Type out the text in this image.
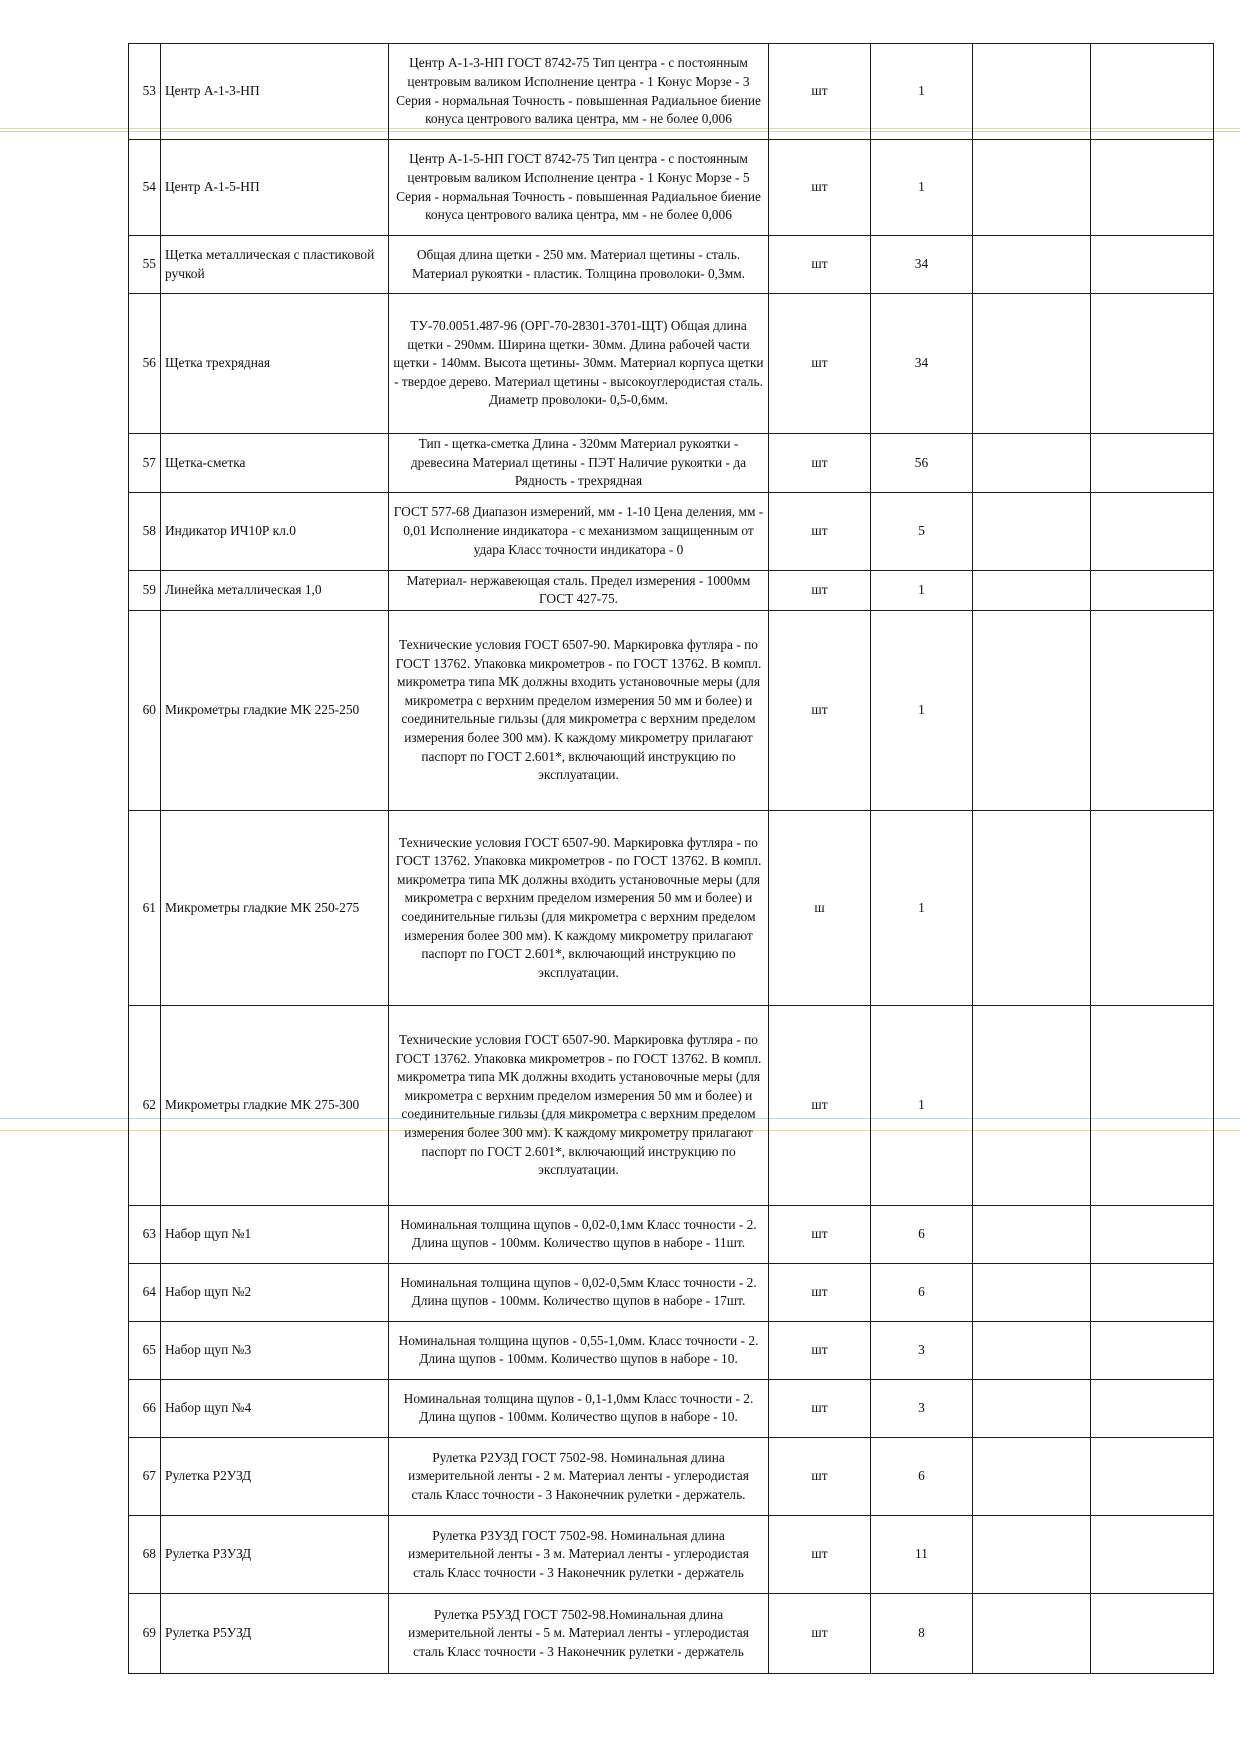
53	Центр А-1-3-НП	Центр А-1-3-НП ГОСТ 8742-75 Тип центра - с постоянным центровым валиком Исполнение центра - 1 Конус Морзе - 3 Серия - нормальная Точность - повышенная Радиальное биение конуса центрового валика центра, мм - не более 0,006	шт	1		
54	Центр А-1-5-НП	Центр А-1-5-НП ГОСТ 8742-75 Тип центра - с постоянным центровым валиком Исполнение центра - 1 Конус Морзе - 5 Серия - нормальная Точность - повышенная Радиальное биение конуса центрового валика центра, мм - не более 0,006	шт	1		
55	Щетка металлическая с пластиковой ручкой	Общая длина щетки - 250 мм. Материал щетины - сталь. Материал рукоятки - пластик. Толщина проволоки- 0,3мм.	шт	34		
56	Щетка трехрядная	ТУ-70.0051.487-96 (ОРГ-70-28301-3701-ЩТ) Общая длина щетки - 290мм. Ширина щетки- 30мм. Длина рабочей части щетки - 140мм. Высота щетины- 30мм. Материал корпуса щетки - твердое дерево. Материал щетины - высокоуглеродистая сталь. Диаметр проволоки- 0,5-0,6мм.	шт	34		
57	Щетка-сметка	Тип - щетка-сметка Длина - 320мм Материал рукоятки - древесина Материал щетины - ПЭТ Наличие рукоятки - да Рядность - трехрядная	шт	56		
58	Индикатор ИЧ10Р кл.0	ГОСТ 577-68 Диапазон измерений, мм - 1-10 Цена деления, мм - 0,01 Исполнение индикатора - с механизмом защищенным от удара Класс точности индикатора - 0	шт	5		
59	Линейка металлическая 1,0	Материал- нержавеющая сталь. Предел измерения - 1000мм ГОСТ 427-75.	шт	1		
60	Микрометры гладкие МК 225-250	Технические условия ГОСТ 6507-90. Маркировка футляра - по ГОСТ 13762. Упаковка микрометров - по ГОСТ 13762. В компл. микрометра типа МК должны входить установочные меры (для микрометра с верхним пределом измерения 50 мм и более) и соединительные гильзы (для микрометра с верхним пределом измерения более 300 мм). К каждому микрометру прилагают паспорт по ГОСТ 2.601*, включающий инструкцию по эксплуатации.	шт	1		
61	Микрометры гладкие МК 250-275	Технические условия ГОСТ 6507-90. Маркировка футляра - по ГОСТ 13762. Упаковка микрометров - по ГОСТ 13762. В компл. микрометра типа МК должны входить установочные меры (для микрометра с верхним пределом измерения 50 мм и более) и соединительные гильзы (для микрометра с верхним пределом измерения более 300 мм). К каждому микрометру прилагают паспорт по ГОСТ 2.601*, включающий инструкцию по эксплуатации.	ш	1		
62	Микрометры гладкие МК 275-300	Технические условия ГОСТ 6507-90. Маркировка футляра - по ГОСТ 13762. Упаковка микрометров - по ГОСТ 13762. В компл. микрометра типа МК должны входить установочные меры (для микрометра с верхним пределом измерения 50 мм и более) и соединительные гильзы (для микрометра с верхним пределом измерения более 300 мм). К каждому микрометру прилагают паспорт по ГОСТ 2.601*, включающий инструкцию по эксплуатации.	шт	1		
63	Набор щуп №1	Номинальная толщина щупов - 0,02-0,1мм Класс точности - 2. Длина щупов - 100мм. Количество щупов в наборе - 11шт.	шт	6		
64	Набор щуп №2	Номинальная толщина щупов - 0,02-0,5мм Класс точности - 2. Длина щупов - 100мм. Количество щупов в наборе - 17шт.	шт	6		
65	Набор щуп №3	Номинальная толщина щупов - 0,55-1,0мм. Класс точности - 2. Длина щупов - 100мм. Количество щупов в наборе - 10.	шт	3		
66	Набор щуп №4	Номинальная толщина щупов - 0,1-1,0мм Класс точности - 2. Длина щупов - 100мм. Количество щупов в наборе - 10.	шт	3		
67	Рулетка Р2УЗД	Рулетка Р2УЗД ГОСТ 7502-98. Номинальная длина измерительной ленты - 2 м. Материал ленты - углеродистая сталь Класс точности - 3 Наконечник рулетки - держатель.	шт	6		
68	Рулетка Р3УЗД	Рулетка Р3УЗД ГОСТ 7502-98. Номинальная длина измерительной ленты - 3 м. Материал ленты - углеродистая сталь Класс точности - 3 Наконечник рулетки - держатель	шт	11		
69	Рулетка Р5УЗД	Рулетка Р5УЗД ГОСТ 7502-98.Номинальная длина измерительной ленты - 5 м. Материал ленты - углеродистая сталь Класс точности - 3 Наконечник рулетки - держатель	шт	8		
